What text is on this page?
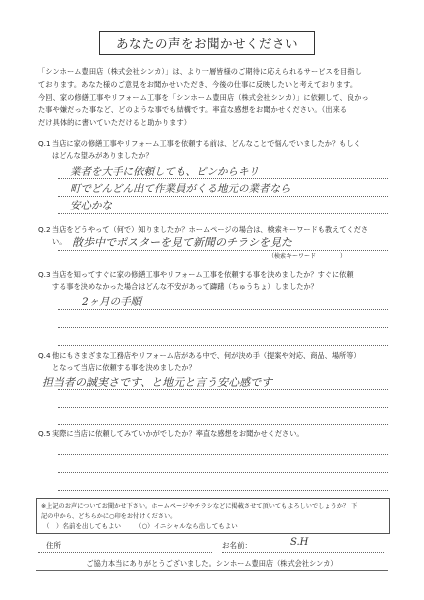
あなたの声をお聞かせください
「シンホーム豊田店（株式会社シンカ）」は、より一層皆様のご期待に応えられるサービスを目指し
ております。あなた様のご意見をお聞かせいただき、今後の仕事に反映したいと考えております。
今回、家の修繕工事やリフォーム工事を「シンホーム豊田店（株式会社シンカ）」に依頼して、良かっ
た事や嫌だった事など、どのような事でも結構です。率直な感想をお聞かせください。（出来る
だけ具体的に書いていただけると助かります）
Q.1当店に家の修繕工事やリフォーム工事を依頼する前は、どんなことで悩んでいましたか？もしく
はどんな望みがありましたか？
業者を大手に依頼しても、ピンからキリ
町でどんどん出て作業員がくる地元の業者なら
安心かな
Q.2当店をどうやって（何で）知りましたか？ホームページの場合は、検索キーワードも教えてくださ
い。 散歩中でポスターを見て新聞のチラシを見た
（検索キーワード　　　　）
Q.3当店を知ってすぐに家の修繕工事やリフォーム工事を依頼する事を決めましたか？すぐに依頼
する事を決めなかった場合はどんな不安があって躊躇（ちゅうちょ）しましたか？
2ヶ月の手順
Q.4他にもさまざまな工務店やリフォーム店がある中で、何が決め手（提案や対応、商品、場所等）
となって当店に依頼する事を決めましたか？
担当者の誠実さです、と地元と言う安心感です
Q.5実際に当店に依頼してみていかがでしたか？率直な感想をお聞かせください。
※上記のお声についてお聞かせ下さい。ホームページやチラシなどに掲載させて頂いてもよろしいでしょうか？ 下
記の中から、どちらかに○印をお付けください。
（　）名前を出してもよい （○）イニシャルなら出してもよい
住所	お名前：	S.H
ご協力本当にありがとうございました。シンホーム豊田店（株式会社シンカ）
